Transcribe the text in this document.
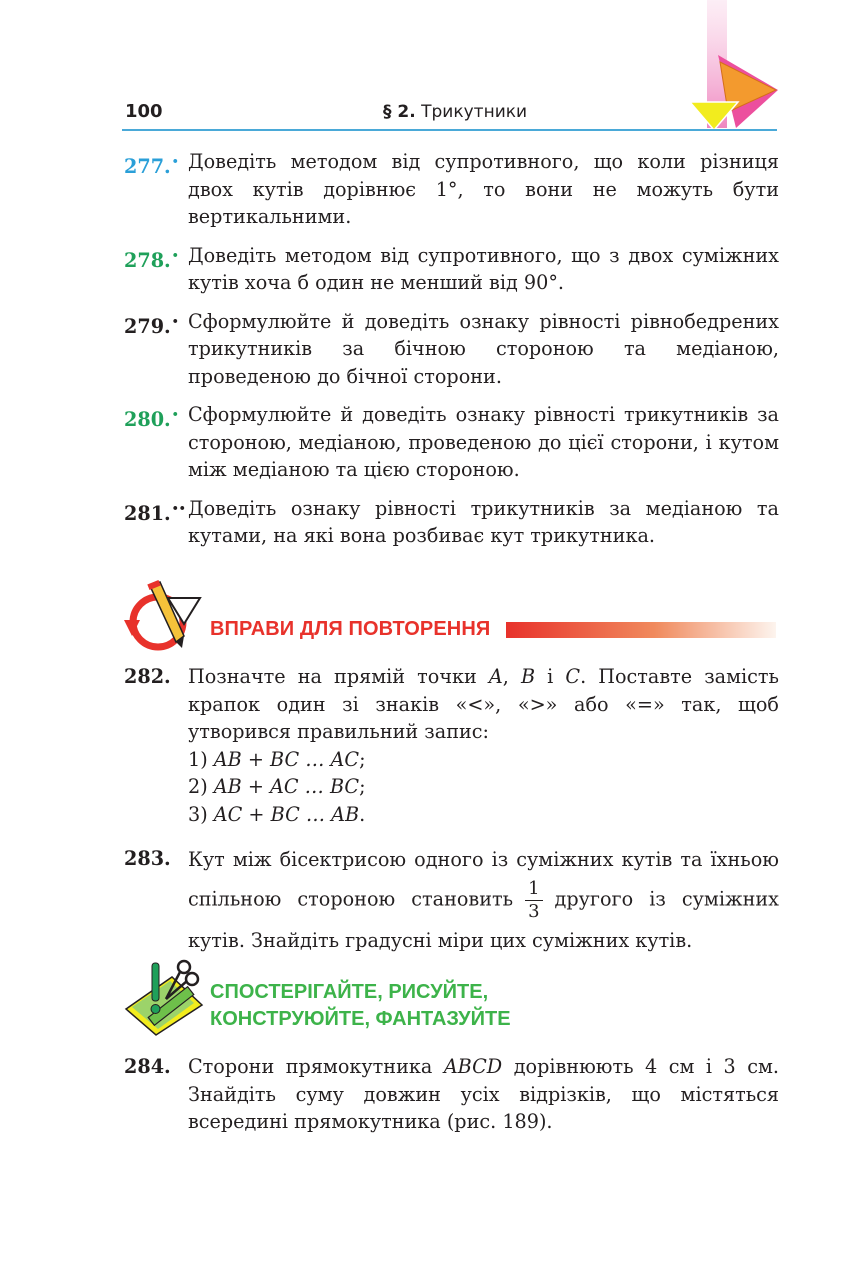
100	§ 2. Трикутники
277.• Доведіть методом від супротивного, що коли різниця двох кутів дорівнює 1°, то вони не можуть бути вертикальними.
278.• Доведіть методом від супротивного, що з двох суміжних кутів хоча б один не менший від 90°.
279.• Сформулюйте й доведіть ознаку рівності рівнобедрених трикутників за бічною стороною та медіаною, проведеною до бічної сторони.
280.• Сформулюйте й доведіть ознаку рівності трикутників за стороною, медіаною, проведеною до цієї сторони, і кутом між медіаною та цією стороною.
281.•• Доведіть ознаку рівності трикутників за медіаною та кутами, на які вона розбиває кут трикутника.
ВПРАВИ ДЛЯ ПОВТОРЕННЯ
282. Позначте на прямій точки A, B і C. Поставте замість крапок один зі знаків «<», «>» або «=» так, щоб утворився правильний запис:
1) AB + BC … AC;
2) AB + AC … BC;
3) AC + BC … AB.
283. Кут між бісектрисою одного із суміжних кутів та їхньою спільною стороною становить $\frac{1}{3}$ другого із суміжних кутів. Знайдіть градусні міри цих суміжних кутів.
СПОСТЕРІГАЙТЕ, РИСУЙТЕ,
КОНСТРУЮЙТЕ, ФАНТАЗУЙТЕ
284. Сторони прямокутника ABCD дорівнюють 4 см і 3 см. Знайдіть суму довжин усіх відрізків, що містяться всередині прямокутника (рис. 189).
